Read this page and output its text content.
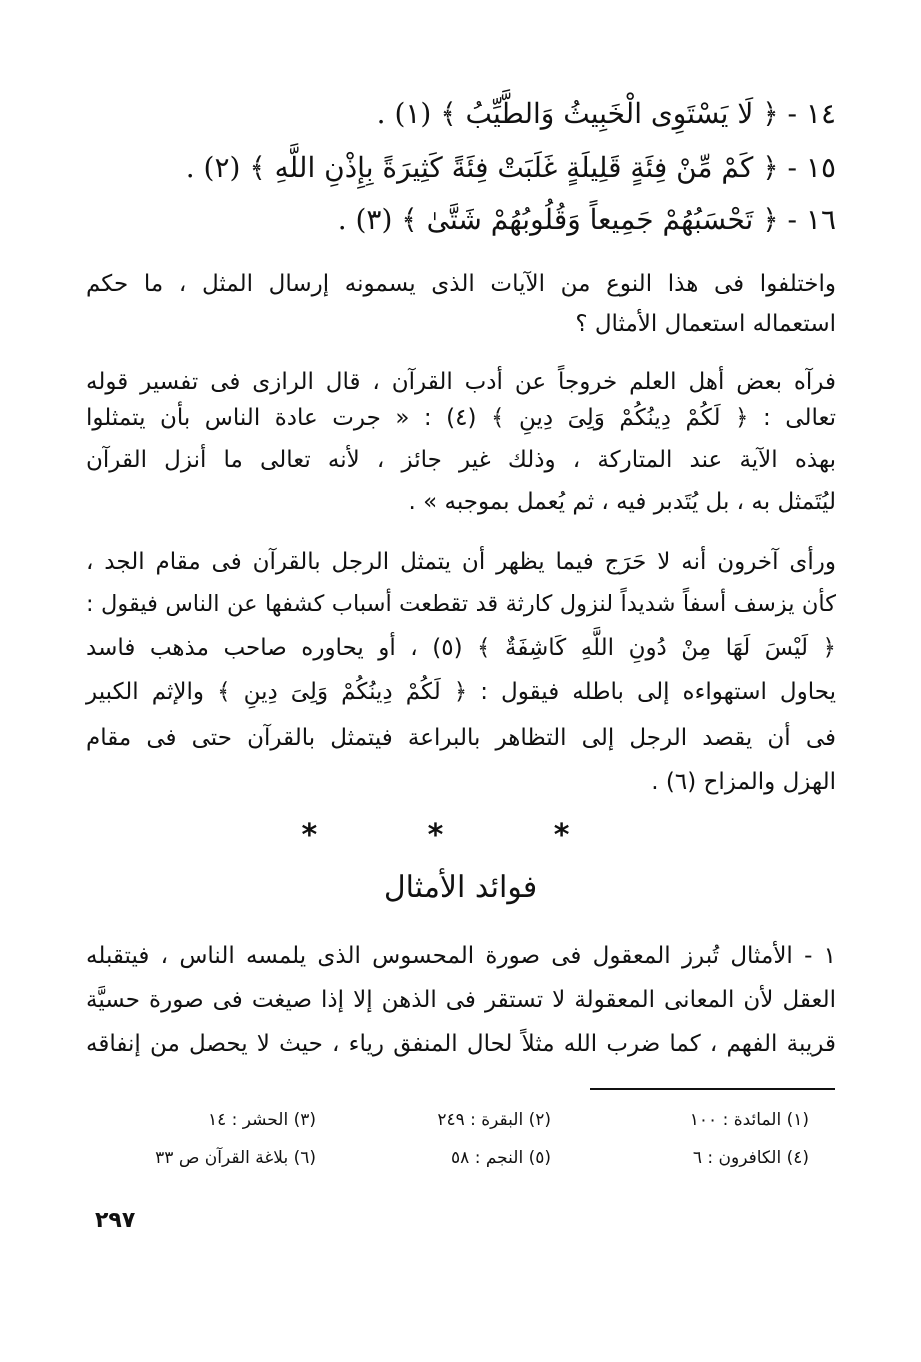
١٤ - ﴿ لَا يَسْتَوِى الْخَبِيثُ وَالطَّيِّبُ ﴾ (١) .
١٥ - ﴿ كَمْ مِّنْ فِئَةٍ قَلِيلَةٍ غَلَبَتْ فِئَةً كَثِيرَةً بِإِذْنِ اللَّهِ ﴾ (٢) .
١٦ - ﴿ تَحْسَبُهُمْ جَمِيعاً وَقُلُوبُهُمْ شَتَّىٰ ﴾ (٣) .
واختلفوا فى هذا النوع من الآيات الذى يسمونه إرسال المثل ، ما حكم
استعماله استعمال الأمثال ؟
فرآه بعض أهل العلم خروجاً عن أدب القرآن ، قال الرازى فى تفسير قوله
تعالى : ﴿ لَكُمْ دِينُكُمْ وَلِىَ دِينِ ﴾ (٤) : « جرت عادة الناس بأن يتمثلوا
بهذه الآية عند المتاركة ، وذلك غير جائز ، لأنه تعالى ما أنزل القرآن
ليُتَمثل به ، بل يُتَدبر فيه ، ثم يُعمل بموجبه » .
ورأى آخرون أنه لا حَرَج فيما يظهر أن يتمثل الرجل بالقرآن فى مقام الجد ،
كأن يزسف أسفاً شديداً لنزول كارثة قد تقطعت أسباب كشفها عن الناس فيقول :
﴿ لَيْسَ لَهَا مِنْ دُونِ اللَّهِ كَاشِفَةٌ ﴾ (٥) ، أو يحاوره صاحب مذهب فاسد
يحاول استهواءه إلى باطله فيقول : ﴿ لَكُمْ دِينُكُمْ وَلِىَ دِينِ ﴾ والإثم الكبير
فى أن يقصد الرجل إلى التظاهر بالبراعة فيتمثل بالقرآن حتى فى مقام
الهزل والمزاح (٦) .
* * *
فوائد الأمثال
١ - الأمثال تُبرز المعقول فى صورة المحسوس الذى يلمسه الناس ، فيتقبله
العقل لأن المعانى المعقولة لا تستقر فى الذهن إلا إذا صيغت فى صورة حسيَّة
قريبة الفهم ، كما ضرب الله مثلاً لحال المنفق رياء ، حيث لا يحصل من إنفاقه
(١) المائدة : ١٠٠
(٢) البقرة : ٢٤٩
(٣) الحشر : ١٤
(٤) الكافرون : ٦
(٥) النجم : ٥٨
(٦) بلاغة القرآن ص ٣٣
٢٩٧
